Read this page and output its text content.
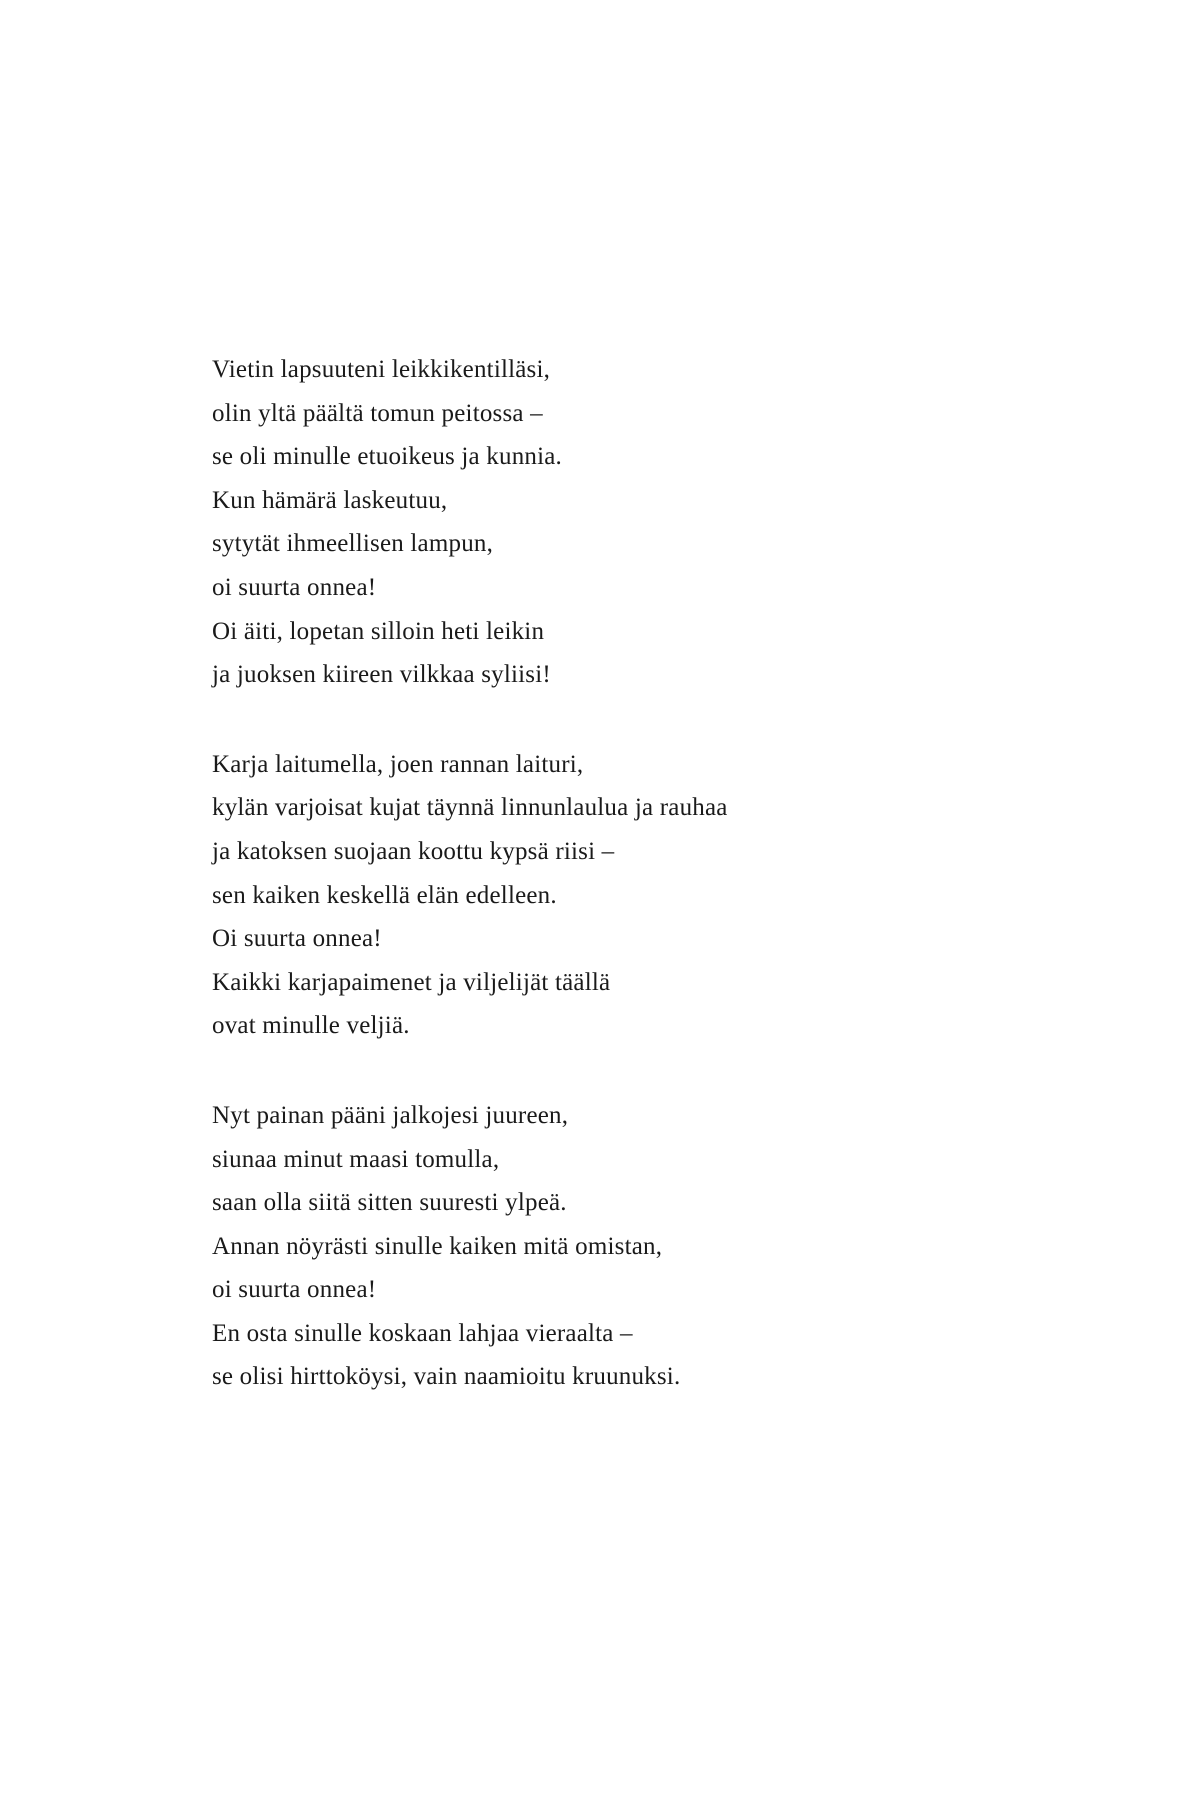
Vietin lapsuuteni leikkikentilläsi,
olin yltä päältä tomun peitossa –
se oli minulle etuoikeus ja kunnia.
Kun hämärä laskeutuu,
sytytät ihmeellisen lampun,
oi suurta onnea!
Oi äiti, lopetan silloin heti leikin
ja juoksen kiireen vilkkaa syliisi!
Karja laitumella, joen rannan laituri,
kylän varjoisat kujat täynnä linnunlaulua ja rauhaa
ja katoksen suojaan koottu kypsä riisi –
sen kaiken keskellä elän edelleen.
Oi suurta onnea!
Kaikki karjapaimenet ja viljelijät täällä
ovat minulle veljiä.
Nyt painan pääni jalkojesi juureen,
siunaa minut maasi tomulla,
saan olla siitä sitten suuresti ylpeä.
Annan nöyrästi sinulle kaiken mitä omistan,
oi suurta onnea!
En osta sinulle koskaan lahjaa vieraalta –
se olisi hirttoköysi, vain naamioitu kruunuksi.
